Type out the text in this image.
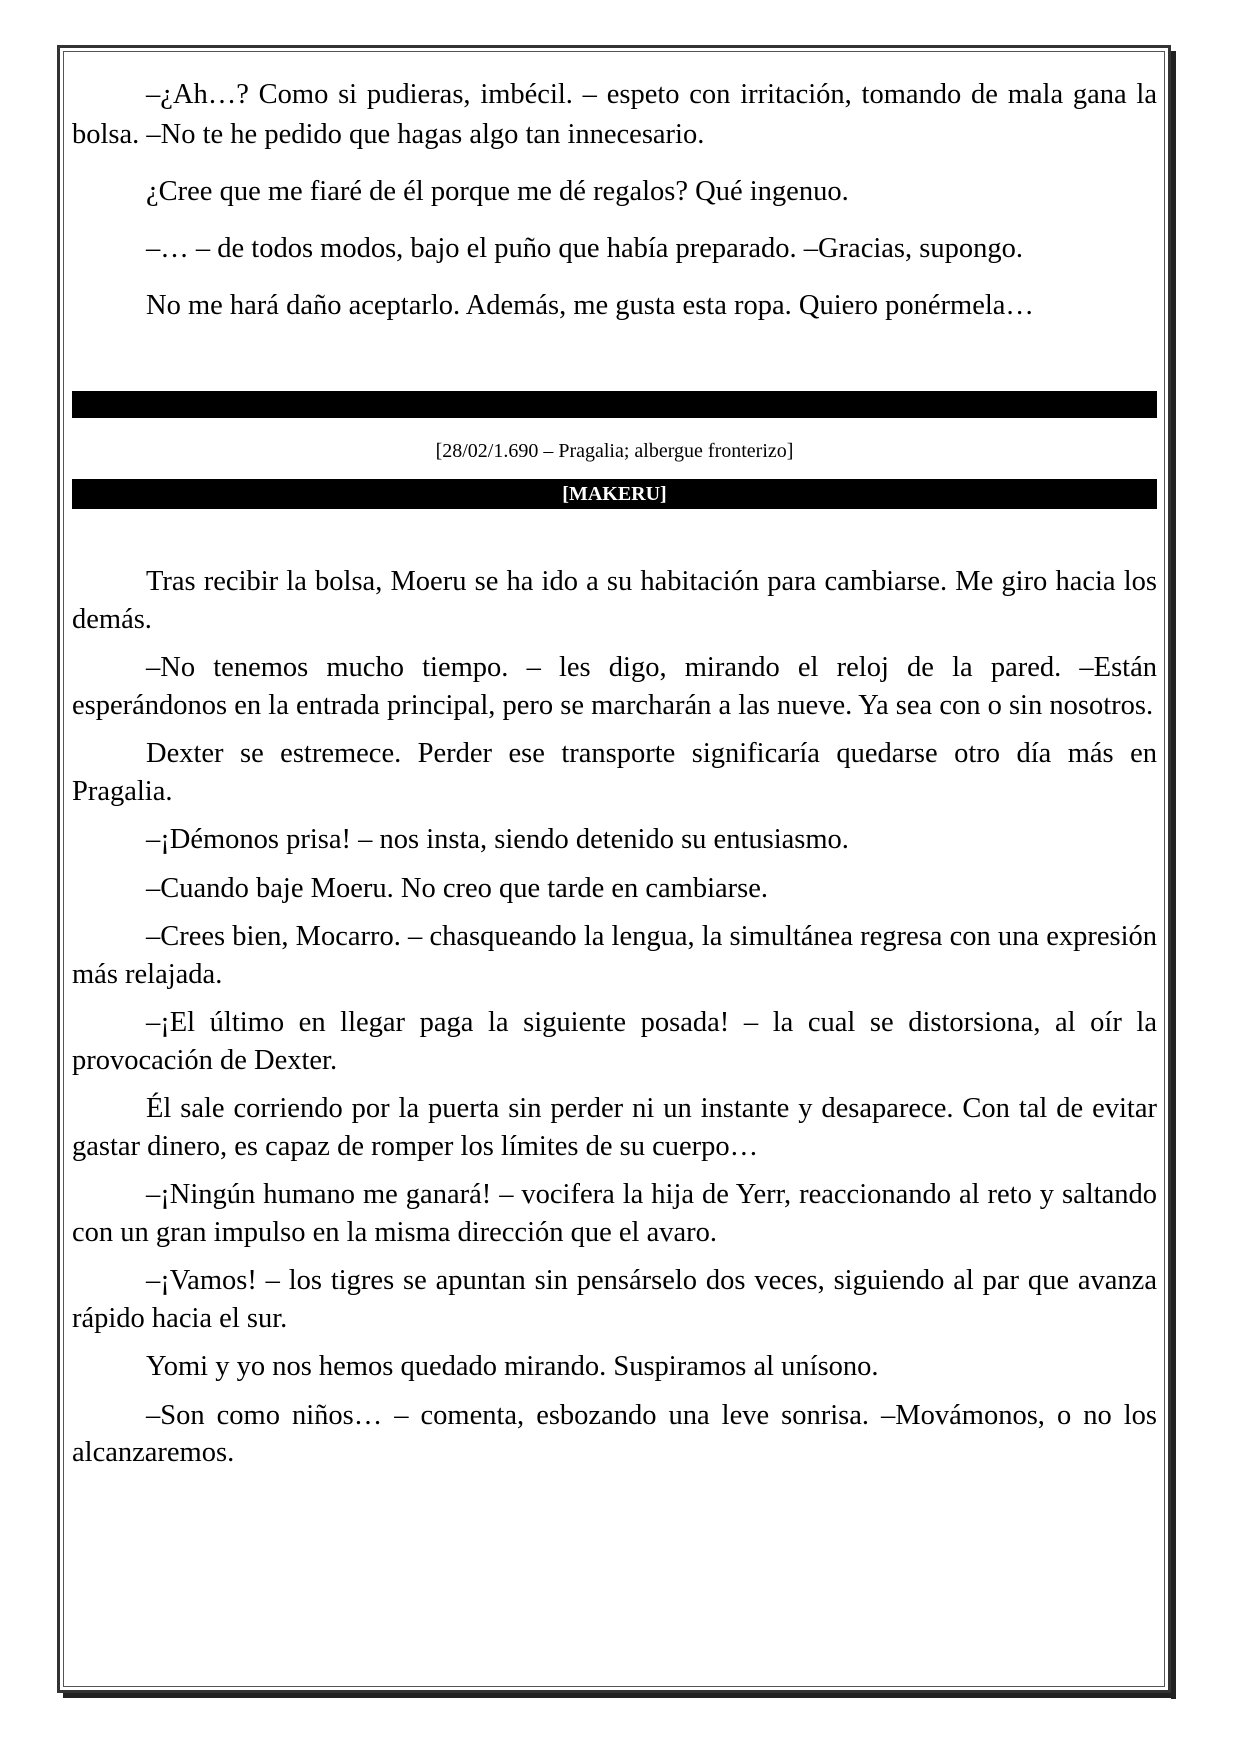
–¿Ah…? Como si pudieras, imbécil. – espeto con irritación, tomando de mala gana la bolsa. –No te he pedido que hagas algo tan innecesario.

¿Cree que me fiaré de él porque me dé regalos? Qué ingenuo.

–… – de todos modos, bajo el puño que había preparado. –Gracias, supongo.

No me hará daño aceptarlo. Además, me gusta esta ropa. Quiero ponérmela…

[28/02/1.690 – Pragalia; albergue fronterizo]
[MAKERU]

Tras recibir la bolsa, Moeru se ha ido a su habitación para cambiarse. Me giro hacia los demás.

–No tenemos mucho tiempo. – les digo, mirando el reloj de la pared. –Están esperándonos en la entrada principal, pero se marcharán a las nueve. Ya sea con o sin nosotros.

Dexter se estremece. Perder ese transporte significaría quedarse otro día más en Pragalia.

–¡Démonos prisa! – nos insta, siendo detenido su entusiasmo.

–Cuando baje Moeru. No creo que tarde en cambiarse.

–Crees bien, Mocarro. – chasqueando la lengua, la simultánea regresa con una expresión más relajada.

–¡El último en llegar paga la siguiente posada! – la cual se distorsiona, al oír la provocación de Dexter.

Él sale corriendo por la puerta sin perder ni un instante y desaparece. Con tal de evitar gastar dinero, es capaz de romper los límites de su cuerpo…

–¡Ningún humano me ganará! – vocifera la hija de Yerr, reaccionando al reto y saltando con un gran impulso en la misma dirección que el avaro.

–¡Vamos! – los tigres se apuntan sin pensárselo dos veces, siguiendo al par que avanza rápido hacia el sur.

Yomi y yo nos hemos quedado mirando. Suspiramos al unísono.

–Son como niños… – comenta, esbozando una leve sonrisa. –Movámonos, o no los alcanzaremos.
